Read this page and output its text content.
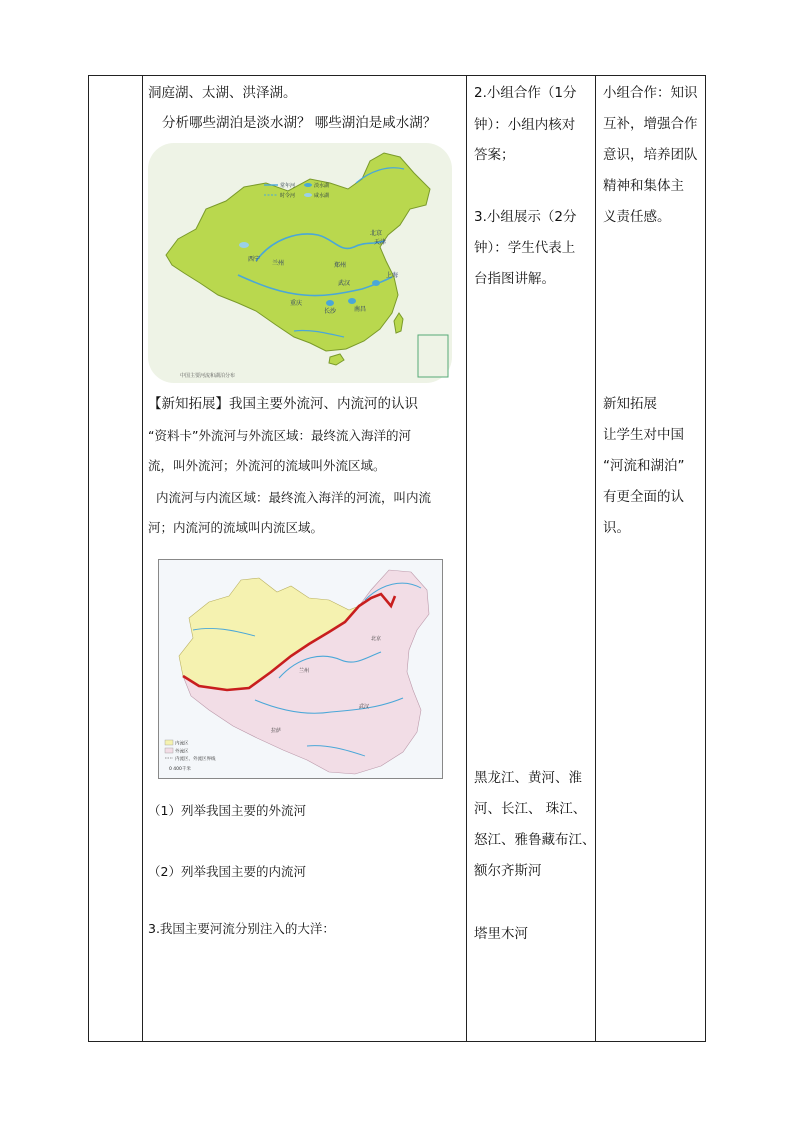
洞庭湖、太湖、洪泽湖。
分析哪些湖泊是淡水湖？ 哪些湖泊是咸水湖？
常年河	淡水湖
时令河	咸水湖
北京
天津
西宁
兰州	郑州
武汉
重庆
长沙	南昌
上海
中国主要河流和湖泊分布
【新知拓展】我国主要外流河、内流河的认识
“资料卡”外流河与外流区域：最终流入海洋的河
流，叫外流河；外流河的流域叫外流区域。
内流河与内流区域：最终流入海洋的河流，叫内流
河；内流河的流域叫内流区域。
北京
兰州
武汉
拉萨
内流区
外流区
内流区、外流区界线
0 400千米
（1）列举我国主要的外流河
（2）列举我国主要的内流河
3.我国主要河流分别注入的大洋：
2.小组合作（1分
钟）：小组内核对
答案；
3.小组展示（2分
钟）：学生代表上
台指图讲解。
黑龙江、黄河、淮
河、长江、 珠江、
怒江、雅鲁藏布江、
额尔齐斯河
塔里木河
小组合作：知识
互补，增强合作
意识，培养团队
精神和集体主
义责任感。
新知拓展
让学生对中国
“河流和湖泊”
有更全面的认
识。
